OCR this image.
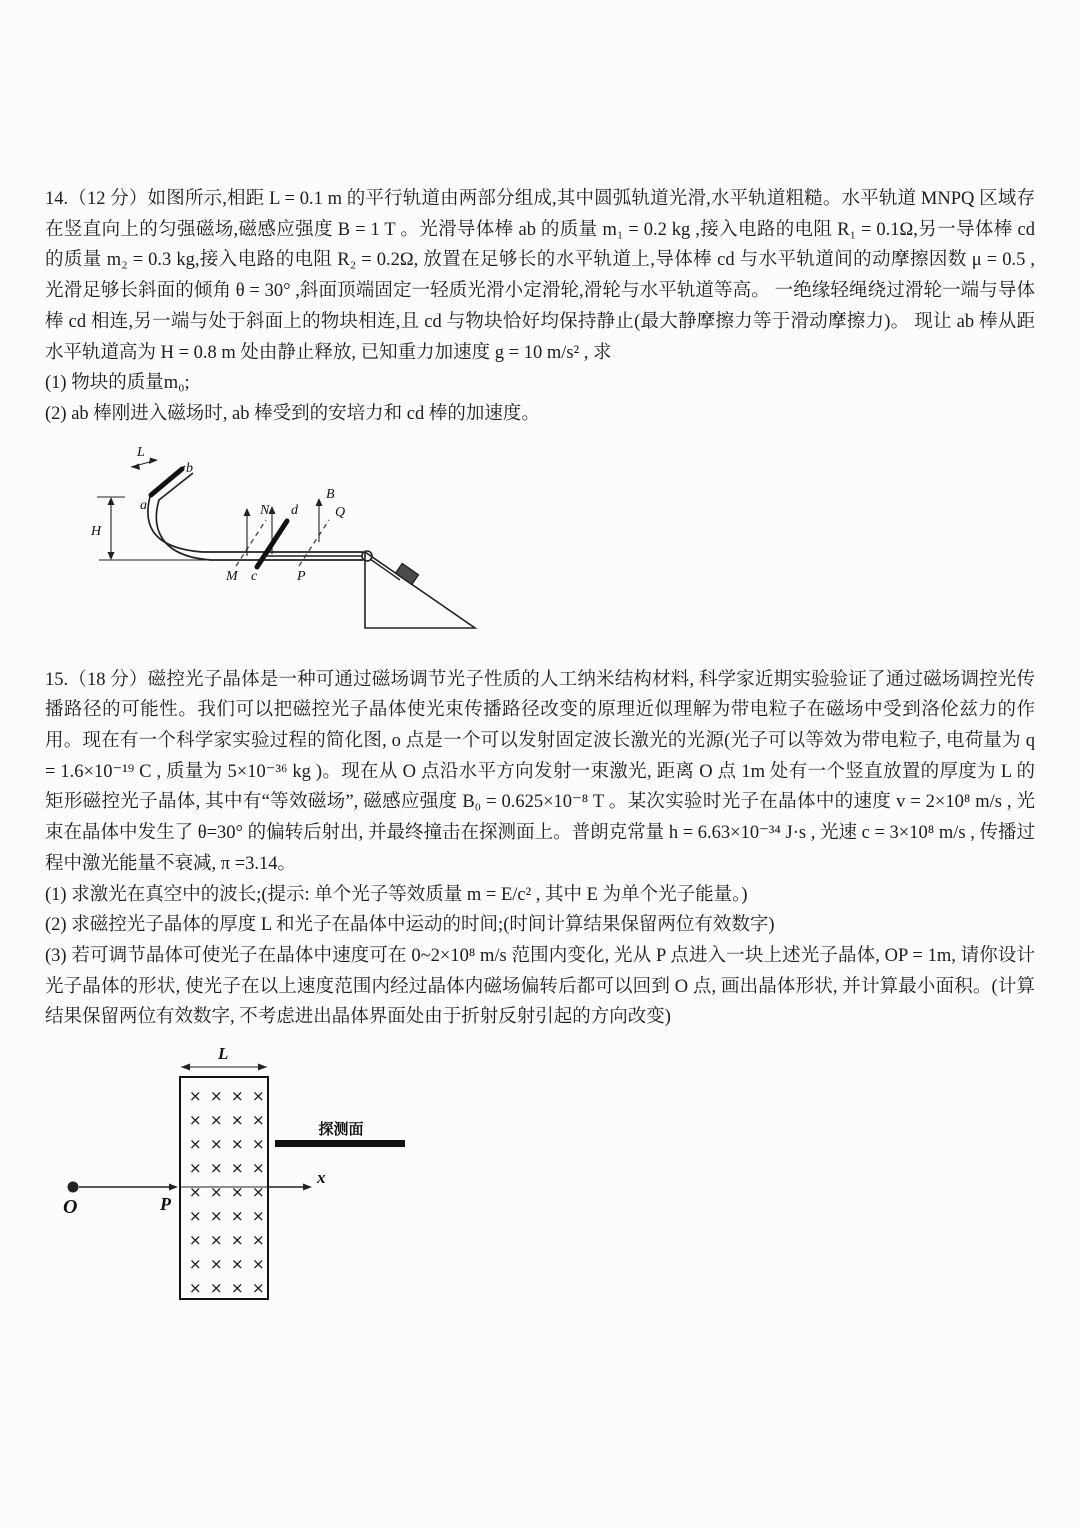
14.（12 分）如图所示,相距 L = 0.1 m 的平行轨道由两部分组成,其中圆弧轨道光滑,水平轨道粗糙。水平轨道 MNPQ 区域存在竖直向上的匀强磁场,磁感应强度 B = 1 T 。光滑导体棒 ab 的质量 m₁ = 0.2 kg ,接入电路的电阻 R₁ = 0.1Ω,另一导体棒 cd 的质量 m₂ = 0.3 kg,接入电路的电阻 R₂ = 0.2Ω, 放置在足够长的水平轨道上,导体棒 cd 与水平轨道间的动摩擦因数 μ = 0.5 , 光滑足够长斜面的倾角 θ = 30° ,斜面顶端固定一轻质光滑小定滑轮,滑轮与水平轨道等高。 一绝缘轻绳绕过滑轮一端与导体棒 cd 相连,另一端与处于斜面上的物块相连,且 cd 与物块恰好均保持静止(最大静摩擦力等于滑动摩擦力)。 现让 ab 棒从距水平轨道高为 H = 0.8 m 处由静止释放, 已知重力加速度 g = 10 m/s² , 求

(1) 物块的质量m₀;

(2) ab 棒刚进入磁场时, ab 棒受到的安培力和 cd 棒的加速度。

H
L
a
b
B
M
N
P
Q
c
d

15.（18 分）磁控光子晶体是一种可通过磁场调节光子性质的人工纳米结构材料, 科学家近期实验验证了通过磁场调控光传播路径的可能性。我们可以把磁控光子晶体使光束传播路径改变的原理近似理解为带电粒子在磁场中受到洛伦兹力的作用。现在有一个科学家实验过程的简化图, o 点是一个可以发射固定波长激光的光源(光子可以等效为带电粒子, 电荷量为 q = 1.6×10⁻¹⁹ C , 质量为 5×10⁻³⁶ kg )。现在从 O 点沿水平方向发射一束激光, 距离 O 点 1m 处有一个竖直放置的厚度为 L 的矩形磁控光子晶体, 其中有“等效磁场”, 磁感应强度 B₀ = 0.625×10⁻⁸ T 。某次实验时光子在晶体中的速度 v = 2×10⁸ m/s , 光束在晶体中发生了 θ=30° 的偏转后射出, 并最终撞击在探测面上。普朗克常量 h = 6.63×10⁻³⁴ J·s , 光速 c = 3×10⁸ m/s , 传播过程中激光能量不衰减, π =3.14。

(1) 求激光在真空中的波长;(提示: 单个光子等效质量 m = E/c² , 其中 E 为单个光子能量。)

(2) 求磁控光子晶体的厚度 L 和光子在晶体中运动的时间;(时间计算结果保留两位有效数字)

(3) 若可调节晶体可使光子在晶体中速度可在 0~2×10⁸ m/s 范围内变化, 光从 P 点进入一块上述光子晶体, OP = 1m, 请你设计光子晶体的形状, 使光子在以上速度范围内经过晶体内磁场偏转后都可以回到 O 点, 画出晶体形状, 并计算最小面积。(计算结果保留两位有效数字, 不考虑进出晶体界面处由于折射反射引起的方向改变)

L
× × × ×
× × × ×
× × × ×
× × × ×
× × × ×
× × × ×
× × × ×
× × × ×
× × × ×
探测面
x
O	P
